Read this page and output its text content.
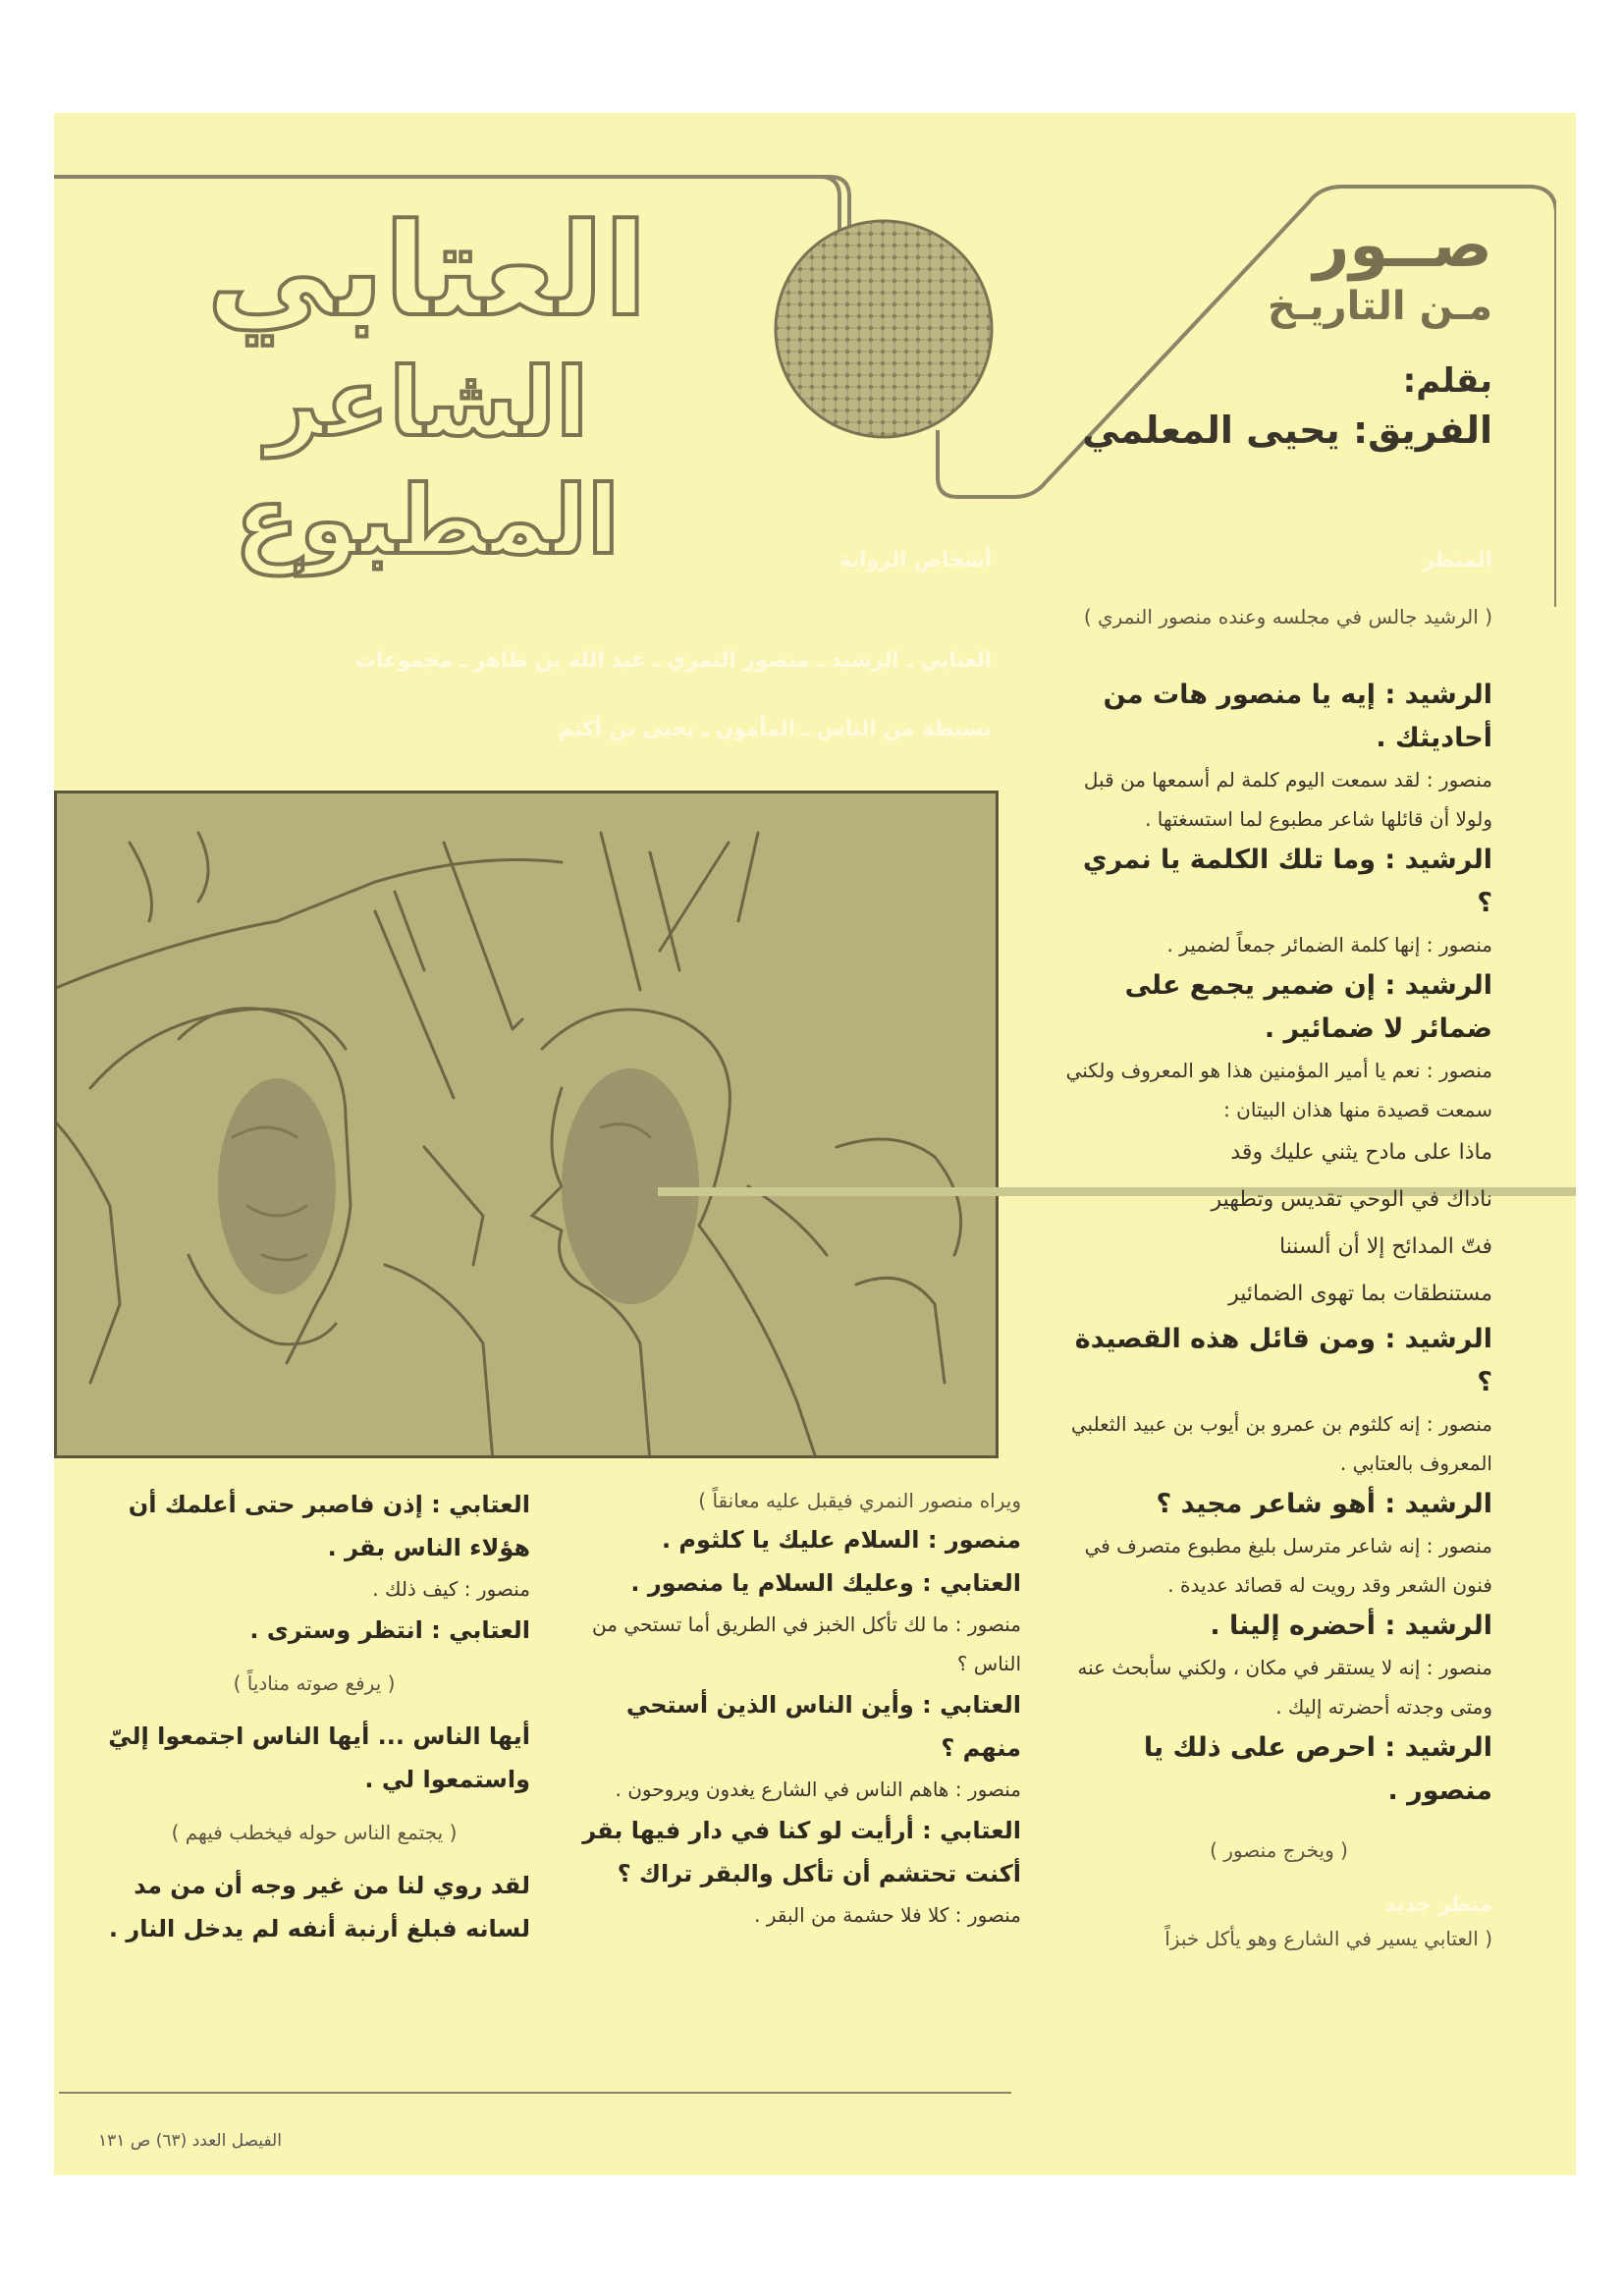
صــور
مـن التاريـخ
بقلم:
الفريق: يحيى المعلمي
العتابي
الشاعر المطبوع	المنظر
أشخاص الرواية
العتابي ـ الرشيد ـ منصور النمري ـ عبد الله بن طاهر ـ مجموعات
بسيطة من الناس ـ المأمون ـ يحيى بن أكثم

( الرشيد جالس في مجلسه وعنده منصور النمري )

الرشيد : إيه يا منصور هات من أحاديثك .

منصور : لقد سمعت اليوم كلمة لم أسمعها من قبل ولولا أن قائلها شاعر مطبوع لما استسغتها .

الرشيد : وما تلك الكلمة يا نمري ؟

منصور : إنها كلمة الضمائر جمعاً لضمير .

الرشيد : إن ضمير يجمع على ضمائر لا ضمائير .

منصور : نعم يا أمير المؤمنين هذا هو المعروف ولكني سمعت قصيدة منها هذان البيتان :

ماذا على مادح يثني عليك وقد

ناداك في الوحي تقديس وتطهير

فتّ المدائح إلا أن ألسننا

مستنطقات بما تهوى الضمائير

الرشيد : ومن قائل هذه القصيدة ؟

منصور : إنه كلثوم بن عمرو بن أيوب بن عبيد الثعلبي المعروف بالعتابي .

الرشيد : أهو شاعر مجيد ؟

منصور : إنه شاعر مترسل بليغ مطبوع متصرف في فنون الشعر وقد رويت له قصائد عديدة .

الرشيد : أحضره إلينا .

منصور : إنه لا يستقر في مكان ، ولكني سأبحث عنه ومتى وجدته أحضرته إليك .

الرشيد : احرص على ذلك يا منصور .

( ويخرج منصور )

منظر جديد

( العتابي يسير في الشارع وهو يأكل خبزاً

ويراه منصور النمري فيقبل عليه معانقاً )

منصور : السلام عليك يا كلثوم .

العتابي : وعليك السلام يا منصور .

منصور : ما لك تأكل الخبز في الطريق أما تستحي من الناس ؟

العتابي : وأين الناس الذين أستحي منهم ؟

منصور : هاهم الناس في الشارع يغدون ويروحون .

العتابي : أرأيت لو كنا في دار فيها بقر أكنت تحتشم أن تأكل والبقر تراك ؟

منصور : كلا فلا حشمة من البقر .

العتابي : إذن فاصبر حتى أعلمك أن هؤلاء الناس بقر .

منصور : كيف ذلك .

العتابي : انتظر وسترى .

( يرفع صوته منادياً )

أيها الناس ... أيها الناس اجتمعوا إليّ واستمعوا لي .

( يجتمع الناس حوله فيخطب فيهم )

لقد روي لنا من غير وجه أن من مد لسانه فبلغ أرنبة أنفه لم يدخل النار .

الفيصل العدد (٦٣) ص ١٣١
